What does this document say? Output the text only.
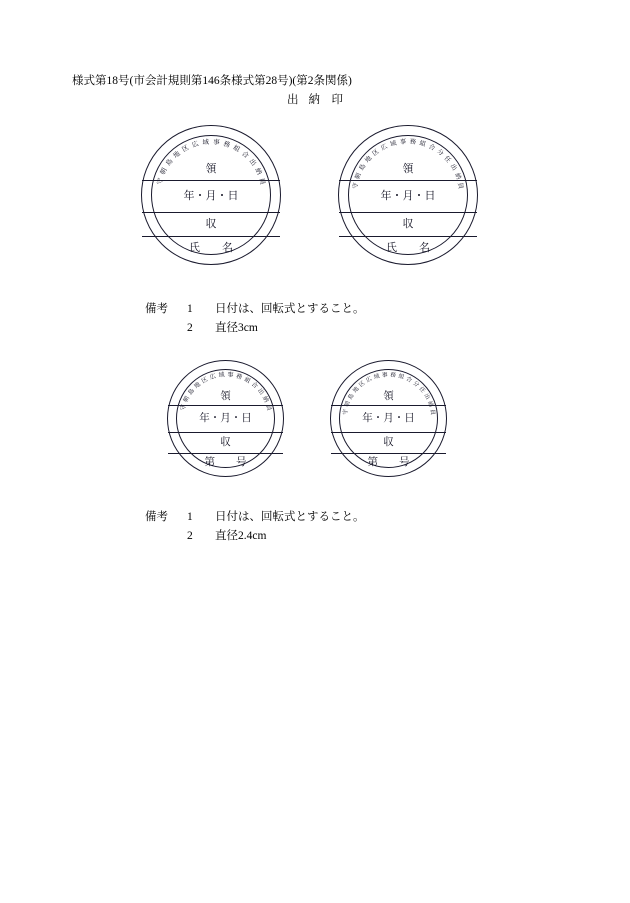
様式第18号(市会計規則第146条様式第28号)(第2条関係)
出 納　印
守
朝
島
地
区 広 域 事 務 組
合
出
納
員
領
年・月・日
収
氏　　名
守
朝
島
地
区
広 域 事 務 組 合
分
任
出
納
員
領
年・月・日
収
氏　　名
備考 1 日付は、回転式とすること。
2 直径3cm
守
朝
島
地
区 広 域 事 務 組
合
出
納
員
領
年・月・日
収
第　　号
守
朝
島
地
区
広 域 事 務 組 合
分
任
出
納
員
領
年・月・日
収
第　　号
備考 1 日付は、回転式とすること。
2 直径2.4cm
